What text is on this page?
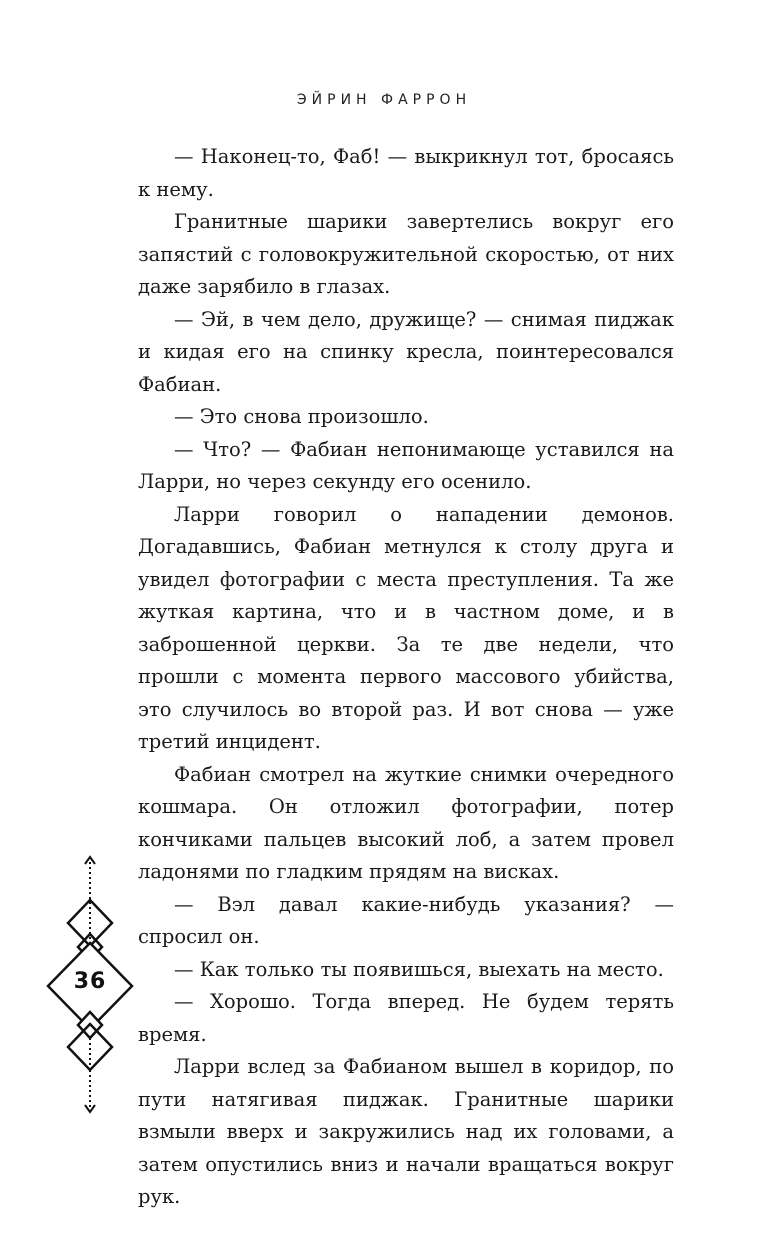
ЭЙРИН ФАРРОН

— Наконец-то, Фаб! — выкрикнул тот, бросаясь к нему.

Гранитные шарики завертелись вокруг его запястий с головокружительной скоростью, от них даже зарябило в глазах.

— Эй, в чем дело, дружище? — снимая пиджак и кидая его на спинку кресла, поинтересовался Фабиан.

— Это снова произошло.

— Что? — Фабиан непонимающе уставился на Ларри, но через секунду его осенило.

Ларри говорил о нападении демонов. Догадавшись, Фабиан метнулся к столу друга и увидел фотографии с места преступления. Та же жуткая картина, что и в частном доме, и в заброшенной церкви. За те две недели, что прошли с момента первого массового убийства, это случилось во второй раз. И вот снова — уже третий инцидент.

Фабиан смотрел на жуткие снимки очередного кошмара. Он отложил фотографии, потер кончиками пальцев высокий лоб, а затем провел ладонями по гладким прядям на висках.

— Вэл давал какие-нибудь указания? — спросил он.

— Как только ты появишься, выехать на место.

— Хорошо. Тогда вперед. Не будем терять время.

Ларри вслед за Фабианом вышел в коридор, по пути натягивая пиджак. Гранитные шарики взмыли вверх и закружились над их головами, а затем опустились вниз и начали вращаться вокруг рук.

36
